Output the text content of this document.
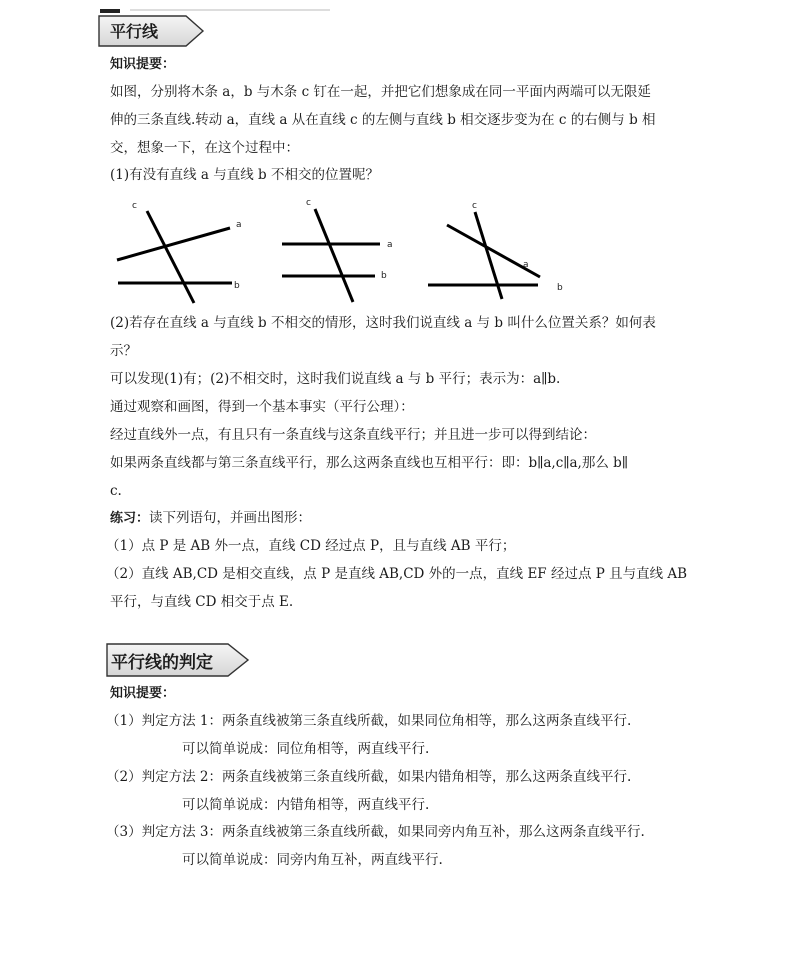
平行线
知识提要：
如图，分别将木条 a，b 与木条 c 钉在一起，并把它们想象成在同一平面内两端可以无限延
伸的三条直线.转动 a，直线 a 从在直线 c 的左侧与直线 b 相交逐步变为在 c 的右侧与 b 相
交，想象一下，在这个过程中：
(1)有没有直线 a 与直线 b 不相交的位置呢？
c
a
b
c
a
b
c
a
b
(2)若存在直线 a 与直线 b 不相交的情形，这时我们说直线 a 与 b 叫什么位置关系？如何表
示？
可以发现(1)有；(2)不相交时，这时我们说直线 a 与 b 平行；表示为：a∥b.
通过观察和画图，得到一个基本事实（平行公理）：
经过直线外一点，有且只有一条直线与这条直线平行；并且进一步可以得到结论：
如果两条直线都与第三条直线平行，那么这两条直线也互相平行：即：b∥a,c∥a,那么 b∥
c.
练习：读下列语句，并画出图形：
（1）点 P 是 AB 外一点，直线 CD 经过点 P，且与直线 AB 平行；
（2）直线 AB,CD 是相交直线，点 P 是直线 AB,CD 外的一点，直线 EF 经过点 P 且与直线 AB
平行，与直线 CD 相交于点 E.
平行线的判定
知识提要：
（1）判定方法 1：两条直线被第三条直线所截，如果同位角相等，那么这两条直线平行.
可以简单说成：同位角相等，两直线平行.
（2）判定方法 2：两条直线被第三条直线所截，如果内错角相等，那么这两条直线平行.
可以简单说成：内错角相等，两直线平行.
（3）判定方法 3：两条直线被第三条直线所截，如果同旁内角互补，那么这两条直线平行.
可以简单说成：同旁内角互补，两直线平行.
